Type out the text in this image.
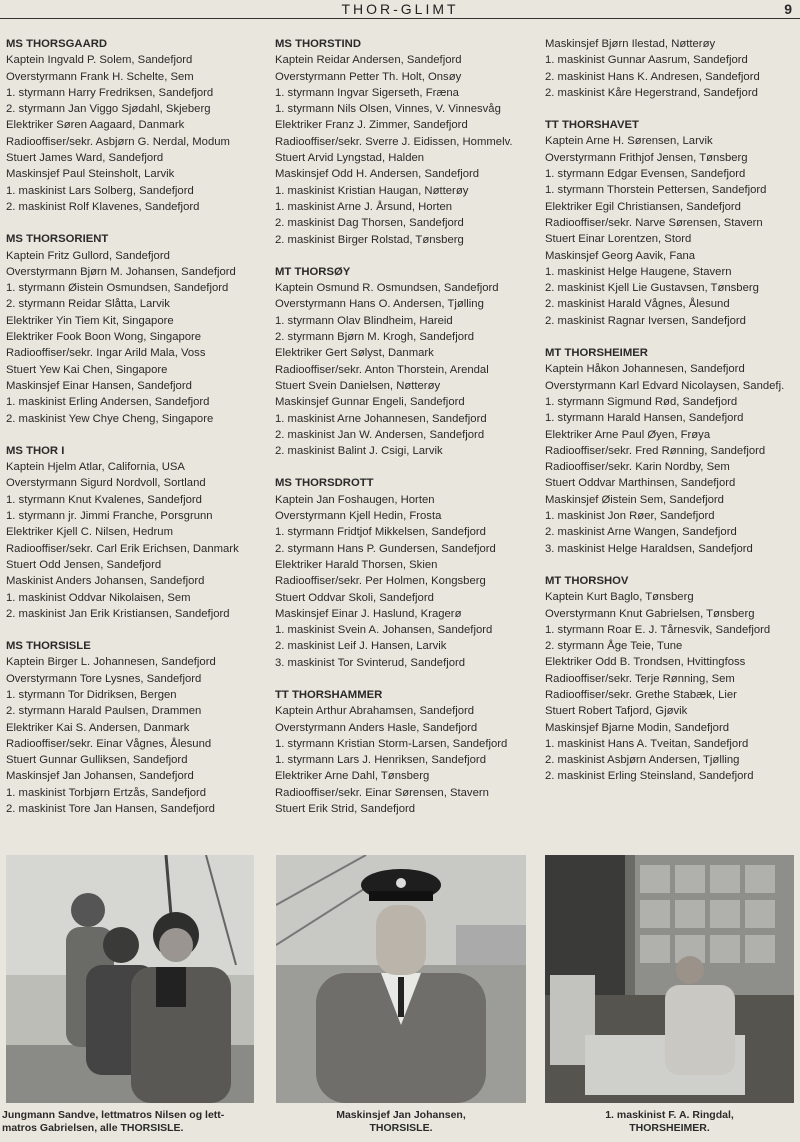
THOR-GLIMT	9
MS THORSGAARD
Kaptein Ingvald P. Solem, Sandefjord
Overstyrmann Frank H. Schelte, Sem
1. styrmann Harry Fredriksen, Sandefjord
2. styrmann Jan Viggo Sjødahl, Skjeberg
Elektriker Søren Aagaard, Danmark
Radiooffiser/sekr. Asbjørn G. Nerdal, Modum
Stuert James Ward, Sandefjord
Maskinsjef Paul Steinsholt, Larvik
1. maskinist Lars Solberg, Sandefjord
2. maskinist Rolf Klavenes, Sandefjord
MS THORSORIENT
Kaptein Fritz Gullord, Sandefjord
Overstyrmann Bjørn M. Johansen, Sandefjord
1. styrmann Øistein Osmundsen, Sandefjord
2. styrmann Reidar Slåtta, Larvik
Elektriker Yin Tiem Kit, Singapore
Elektriker Fook Boon Wong, Singapore
Radiooffiser/sekr. Ingar Arild Mala, Voss
Stuert Yew Kai Chen, Singapore
Maskinsjef Einar Hansen, Sandefjord
1. maskinist Erling Andersen, Sandefjord
2. maskinist Yew Chye Cheng, Singapore
MS THOR I
Kaptein Hjelm Atlar, California, USA
Overstyrmann Sigurd Nordvoll, Sortland
1. styrmann Knut Kvalenes, Sandefjord
1. styrmann jr. Jimmi Franche, Porsgrunn
Elektriker Kjell C. Nilsen, Hedrum
Radiooffiser/sekr. Carl Erik Erichsen, Danmark
Stuert Odd Jensen, Sandefjord
Maskinist Anders Johansen, Sandefjord
1. maskinist Oddvar Nikolaisen, Sem
2. maskinist Jan Erik Kristiansen, Sandefjord
MS THORSISLE
Kaptein Birger L. Johannesen, Sandefjord
Overstyrmann Tore Lysnes, Sandefjord
1. styrmann Tor Didriksen, Bergen
2. styrmann Harald Paulsen, Drammen
Elektriker Kai S. Andersen, Danmark
Radiooffiser/sekr. Einar Vågnes, Ålesund
Stuert Gunnar Gulliksen, Sandefjord
Maskinsjef Jan Johansen, Sandefjord
1. maskinist Torbjørn Ertzås, Sandefjord
2. maskinist Tore Jan Hansen, Sandefjord
MS THORSTIND
Kaptein Reidar Andersen, Sandefjord
Overstyrmann Petter Th. Holt, Onsøy
1. styrmann Ingvar Sigerseth, Fræna
1. styrmann Nils Olsen, Vinnes, V. Vinnesvåg
Elektriker Franz J. Zimmer, Sandefjord
Radiooffiser/sekr. Sverre J. Eidissen, Hommelv.
Stuert Arvid Lyngstad, Halden
Maskinsjef Odd H. Andersen, Sandefjord
1. maskinist Kristian Haugan, Nøtterøy
1. maskinist Arne J. Årsund, Horten
2. maskinist Dag Thorsen, Sandefjord
2. maskinist Birger Rolstad, Tønsberg
MT THORSØY
Kaptein Osmund R. Osmundsen, Sandefjord
Overstyrmann Hans O. Andersen, Tjølling
1. styrmann Olav Blindheim, Hareid
2. styrmann Bjørn M. Krogh, Sandefjord
Elektriker Gert Sølyst, Danmark
Radiooffiser/sekr. Anton Thorstein, Arendal
Stuert Svein Danielsen, Nøtterøy
Maskinsjef Gunnar Engeli, Sandefjord
1. maskinist Arne Johannesen, Sandefjord
2. maskinist Jan W. Andersen, Sandefjord
2. maskinist Balint J. Csigi, Larvik
MS THORSDROTT
Kaptein Jan Foshaugen, Horten
Overstyrmann Kjell Hedin, Frosta
1. styrmann Fridtjof Mikkelsen, Sandefjord
2. styrmann Hans P. Gundersen, Sandefjord
Elektriker Harald Thorsen, Skien
Radiooffiser/sekr. Per Holmen, Kongsberg
Stuert Oddvar Skoli, Sandefjord
Maskinsjef Einar J. Haslund, Kragerø
1. maskinist Svein A. Johansen, Sandefjord
2. maskinist Leif J. Hansen, Larvik
3. maskinist Tor Svinterud, Sandefjord
TT THORSHAMMER
Kaptein Arthur Abrahamsen, Sandefjord
Overstyrmann Anders Hasle, Sandefjord
1. styrmann Kristian Storm-Larsen, Sandefjord
1. styrmann Lars J. Henriksen, Sandefjord
Elektriker Arne Dahl, Tønsberg
Radiooffiser/sekr. Einar Sørensen, Stavern
Stuert Erik Strid, Sandefjord
Maskinsjef Bjørn Ilestad, Nøtterøy
1. maskinist Gunnar Aasrum, Sandefjord
2. maskinist Hans K. Andresen, Sandefjord
2. maskinist Kåre Hegerstrand, Sandefjord
TT THORSHAVET
Kaptein Arne H. Sørensen, Larvik
Overstyrmann Frithjof Jensen, Tønsberg
1. styrmann Edgar Evensen, Sandefjord
1. styrmann Thorstein Pettersen, Sandefjord
Elektriker Egil Christiansen, Sandefjord
Radiooffiser/sekr. Narve Sørensen, Stavern
Stuert Einar Lorentzen, Stord
Maskinsjef Georg Aavik, Fana
1. maskinist Helge Haugene, Stavern
2. maskinist Kjell Lie Gustavsen, Tønsberg
2. maskinist Harald Vågnes, Ålesund
2. maskinist Ragnar Iversen, Sandefjord
MT THORSHEIMER
Kaptein Håkon Johannesen, Sandefjord
Overstyrmann Karl Edvard Nicolaysen, Sandefj.
1. styrmann Sigmund Rød, Sandefjord
1. styrmann Harald Hansen, Sandefjord
Elektriker Arne Paul Øyen, Frøya
Radiooffiser/sekr. Fred Rønning, Sandefjord
Radiooffiser/sekr. Karin Nordby, Sem
Stuert Oddvar Marthinsen, Sandefjord
Maskinsjef Øistein Sem, Sandefjord
1. maskinist Jon Røer, Sandefjord
2. maskinist Arne Wangen, Sandefjord
3. maskinist Helge Haraldsen, Sandefjord
MT THORSHOV
Kaptein Kurt Baglo, Tønsberg
Overstyrmann Knut Gabrielsen, Tønsberg
1. styrmann Roar E. J. Tårnesvik, Sandefjord
2. styrmann Åge Teie, Tune
Elektriker Odd B. Trondsen, Hvittingfoss
Radiooffiser/sekr. Terje Rønning, Sem
Radiooffiser/sekr. Grethe Stabæk, Lier
Stuert Robert Tafjord, Gjøvik
Maskinsjef Bjarne Modin, Sandefjord
1. maskinist Hans A. Tveitan, Sandefjord
2. maskinist Asbjørn Andersen, Tjølling
2. maskinist Erling Steinsland, Sandefjord
Jungmann Sandve, lettmatros Nilsen og lett-
matros Gabrielsen, alle THORSISLE.
Maskinsjef Jan Johansen,
THORSISLE.
1. maskinist F. A. Ringdal,
THORSHEIMER.
